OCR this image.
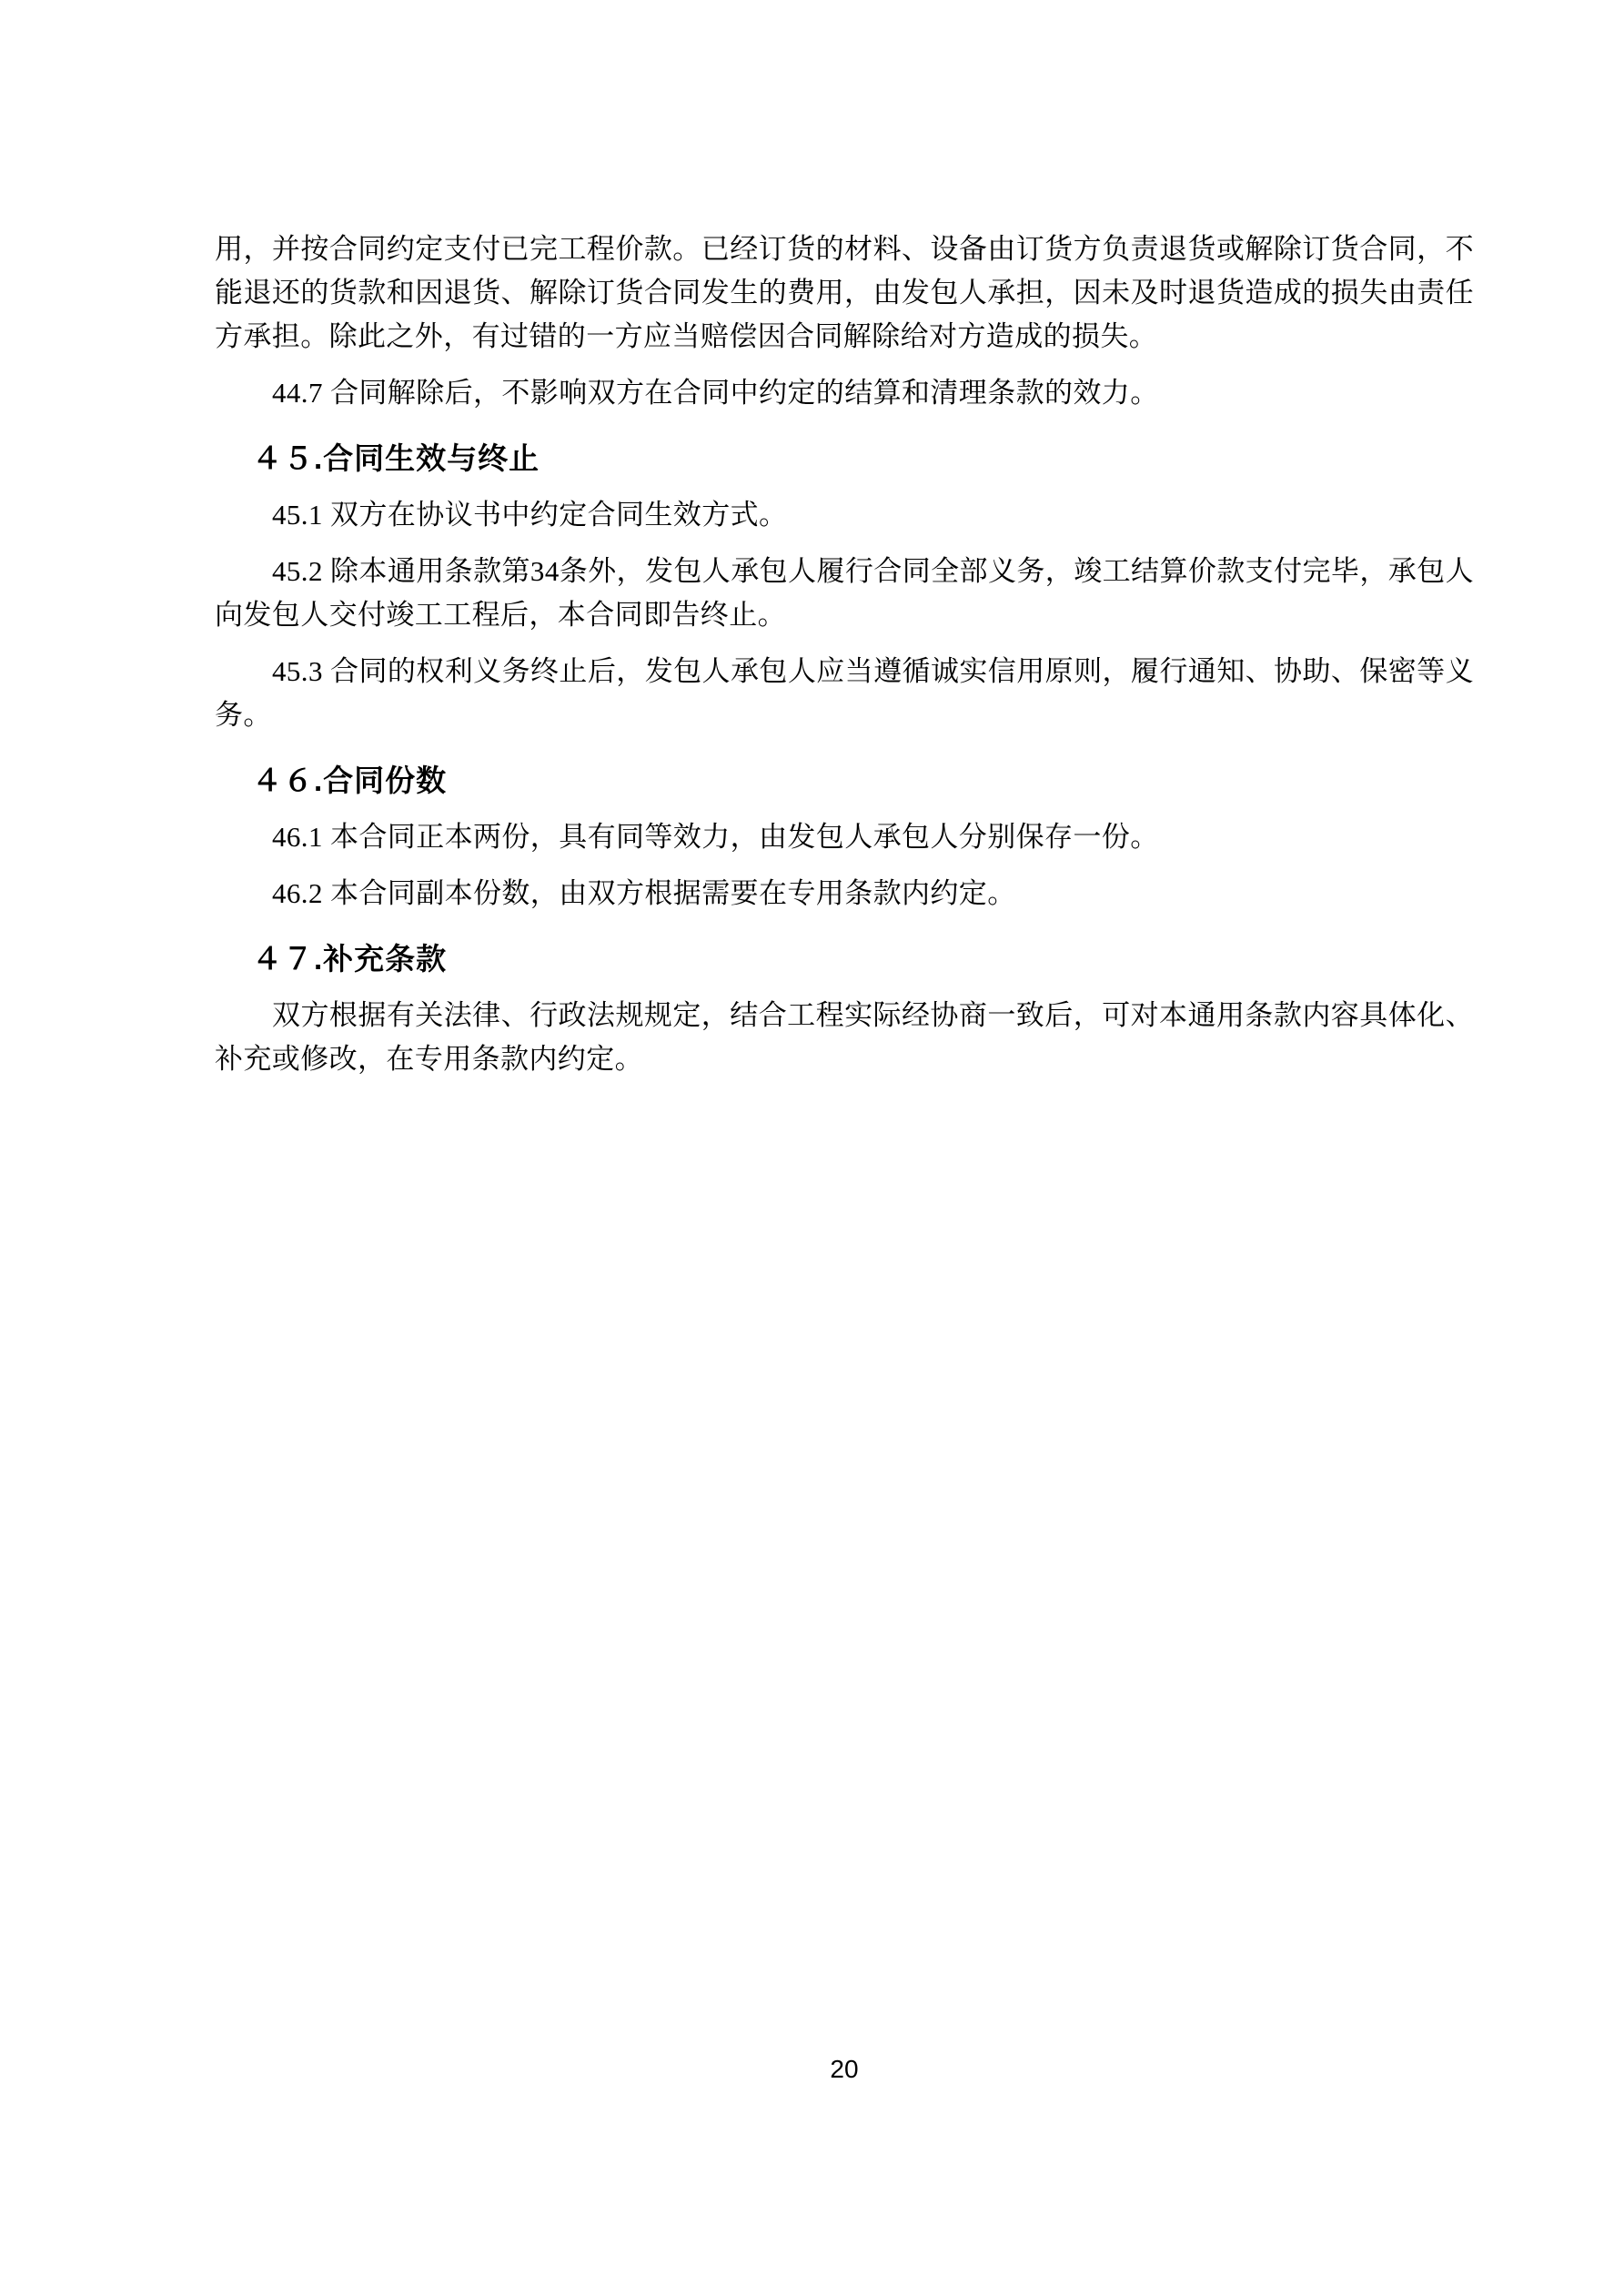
用，并按合同约定支付已完工程价款。已经订货的材料、设备由订货方负责退货或解除订货合同，不能退还的货款和因退货、解除订货合同发生的费用，由发包人承担，因未及时退货造成的损失由责任方承担。除此之外，有过错的一方应当赔偿因合同解除给对方造成的损失。

44.7 合同解除后，不影响双方在合同中约定的结算和清理条款的效力。

４５.合同生效与终止

45.1 双方在协议书中约定合同生效方式。

45.2 除本通用条款第34条外，发包人承包人履行合同全部义务，竣工结算价款支付完毕，承包人向发包人交付竣工工程后，本合同即告终止。

45.3 合同的权利义务终止后，发包人承包人应当遵循诚实信用原则，履行通知、协助、保密等义务。

４６.合同份数

46.1 本合同正本两份，具有同等效力，由发包人承包人分别保存一份。

46.2 本合同副本份数，由双方根据需要在专用条款内约定。

４７.补充条款

双方根据有关法律、行政法规规定，结合工程实际经协商一致后，可对本通用条款内容具体化、补充或修改，在专用条款内约定。

20
